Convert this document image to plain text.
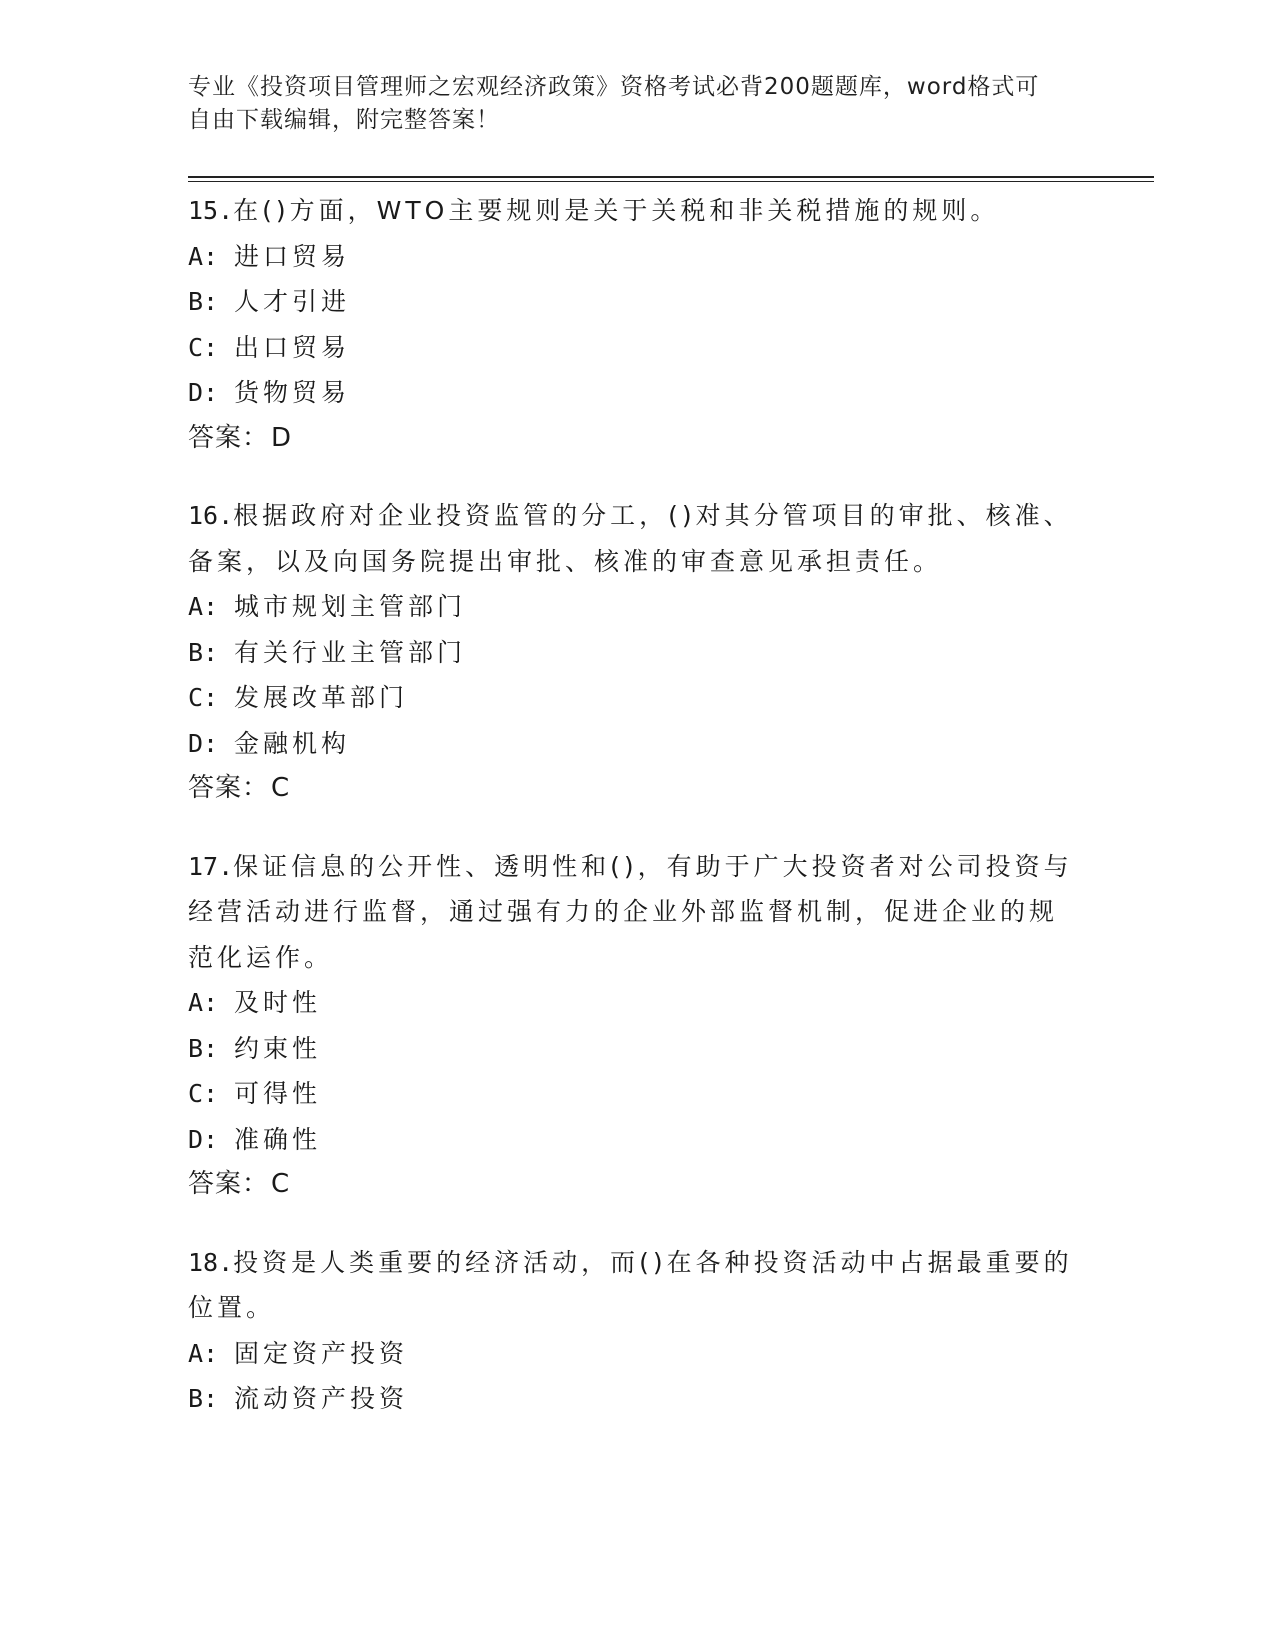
专业《投资项目管理师之宏观经济政策》资格考试必背200题题库，word格式可

自由下载编辑，附完整答案！

15.在()方面，WTO主要规则是关于关税和非关税措施的规则。

A: 进口贸易

B: 人才引进

C: 出口贸易

D: 货物贸易

答案：D

16.根据政府对企业投资监管的分工，()对其分管项目的审批、核准、

备案，以及向国务院提出审批、核准的审查意见承担责任。

A: 城市规划主管部门

B: 有关行业主管部门

C: 发展改革部门

D: 金融机构

答案：C

17.保证信息的公开性、透明性和()，有助于广大投资者对公司投资与

经营活动进行监督，通过强有力的企业外部监督机制，促进企业的规

范化运作。

A: 及时性

B: 约束性

C: 可得性

D: 准确性

答案：C

18.投资是人类重要的经济活动，而()在各种投资活动中占据最重要的

位置。

A: 固定资产投资

B: 流动资产投资
